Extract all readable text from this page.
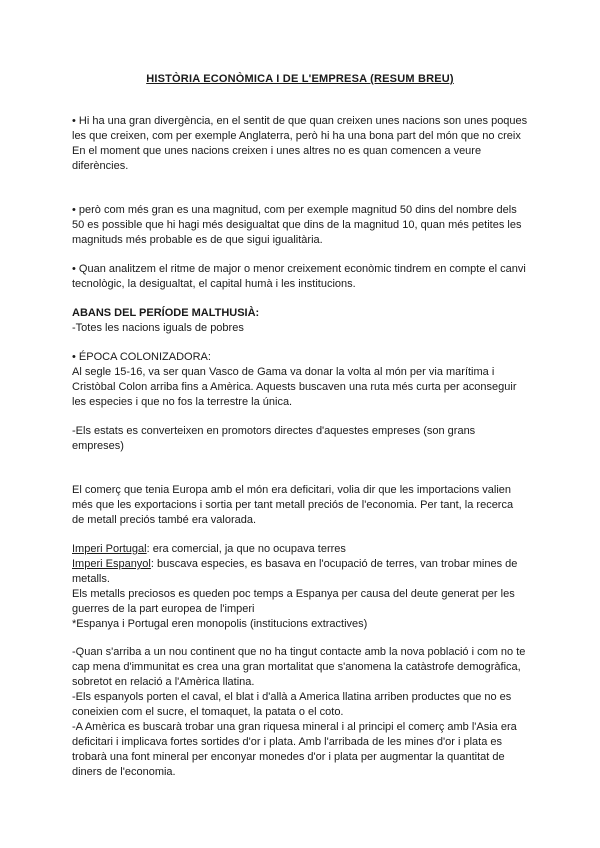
HISTÒRIA ECONÒMICA I DE L'EMPRESA (RESUM BREU)

• Hi ha una gran divergència, en el sentit de que quan creixen unes nacions son unes poques les que creixen, com per exemple Anglaterra, però hi ha una bona part del món que no creix

En el moment que unes nacions creixen i unes altres no es quan comencen a veure diferències.

• però com més gran es una magnitud, com per exemple magnitud 50 dins del nombre dels 50 es possible que hi hagi més desigualtat que dins de la magnitud 10, quan més petites les magnituds més probable es de que sigui igualitària.

• Quan analitzem el ritme de major o menor creixement econòmic tindrem en compte el canvi tecnològic, la desigualtat, el capital humà i les institucions.

ABANS DEL PERÍODE MALTHUSIÀ:

-Totes les nacions iguals de pobres

• ÉPOCA COLONIZADORA:

Al segle 15-16, va ser quan Vasco de Gama va donar la volta al món per via marítima i Cristòbal Colon arriba fins a Amèrica. Aquests buscaven una ruta més curta per aconseguir les especies i que no fos la terrestre la única.

-Els estats es converteixen en promotors directes d'aquestes empreses (son grans empreses)

El comerç que tenia Europa amb el món era deficitari, volia dir que les importacions valien més que les exportacions i sortia per tant metall preciós de l'economia. Per tant, la recerca de metall preciós també era valorada.

Imperi Portugal: era comercial, ja que no ocupava terres

Imperi Espanyol: buscava especies, es basava en l'ocupació de terres, van trobar mines de metalls.

Els metalls preciosos es queden poc temps a Espanya per causa del deute generat per les guerres de la part europea de l'imperi

*Espanya i Portugal eren monopolis (institucions extractives)

-Quan s'arriba a un nou continent que no ha tingut contacte amb la nova població i com no te cap mena d'immunitat es crea una gran mortalitat que s'anomena la catàstrofe demogràfica, sobretot en relació a l'Amèrica llatina.

-Els espanyols porten el caval, el blat i d'allà a America llatina arriben productes que no es coneixien com el sucre, el tomaquet, la patata o el coto.

-A Amèrica es buscarà trobar una gran riquesa mineral i al principi el comerç amb l'Asia era deficitari i implicava fortes sortides d'or i plata. Amb l'arribada de les mines d'or i plata es trobarà una font mineral per enconyar monedes d'or i plata per augmentar la quantitat de diners de l'economia.
